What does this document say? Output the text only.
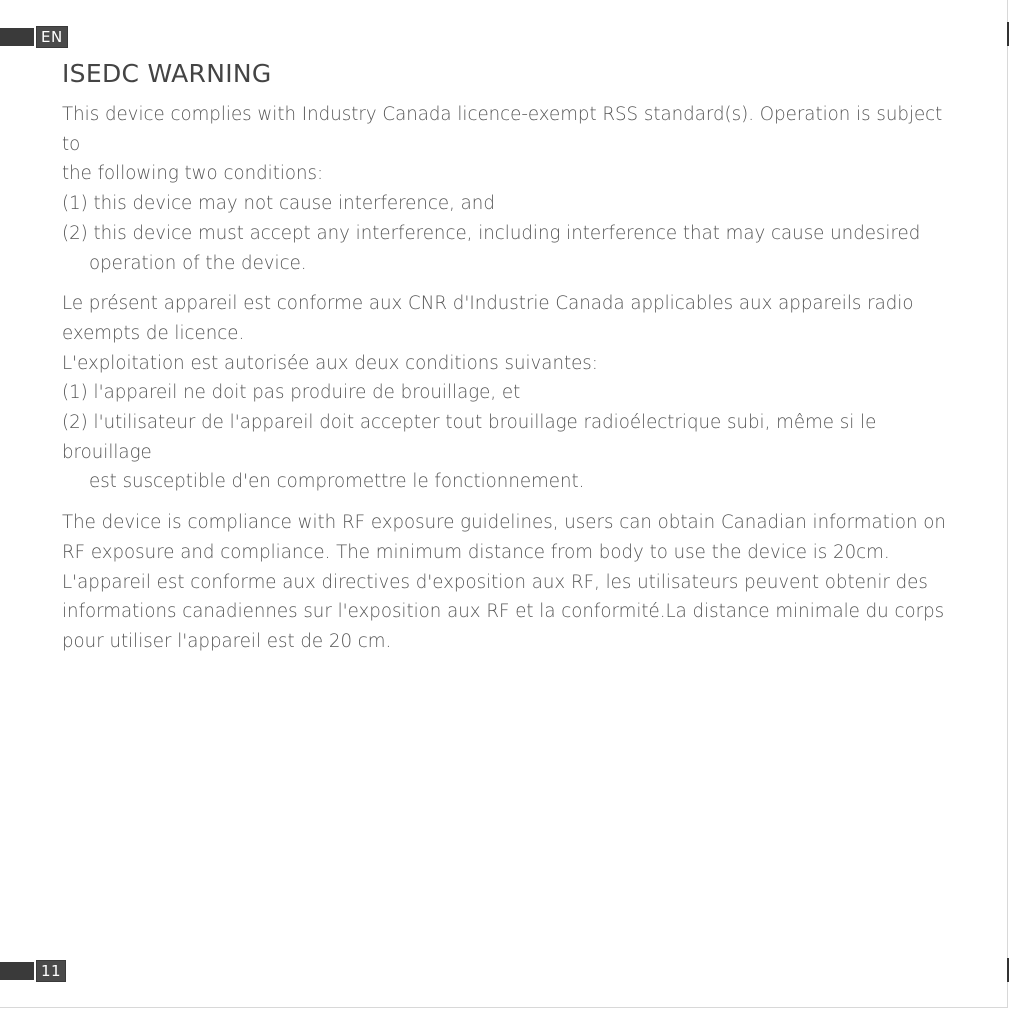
EN
ISEDC WARNING

This device complies with Industry Canada licence-exempt RSS standard(s). Operation is subject to

the following two conditions:

(1) this device may not cause interference, and

(2) this device must accept any interference, including interference that may cause undesired

operation of the device.

Le présent appareil est conforme aux CNR d'Industrie Canada applicables aux appareils radio

exempts de licence.

L'exploitation est autorisée aux deux conditions suivantes:

(1) l'appareil ne doit pas produire de brouillage, et

(2) l'utilisateur de l'appareil doit accepter tout brouillage radioélectrique subi, même si le brouillage

est susceptible d'en compromettre le fonctionnement.

The device is compliance with RF exposure guidelines, users can obtain Canadian information on

RF exposure and compliance. The minimum distance from body to use the device is 20cm.

L'appareil est conforme aux directives d'exposition aux RF, les utilisateurs peuvent obtenir des

informations canadiennes sur l'exposition aux RF et la conformité.La distance minimale du corps

pour utiliser l'appareil est de 20 cm.

11
